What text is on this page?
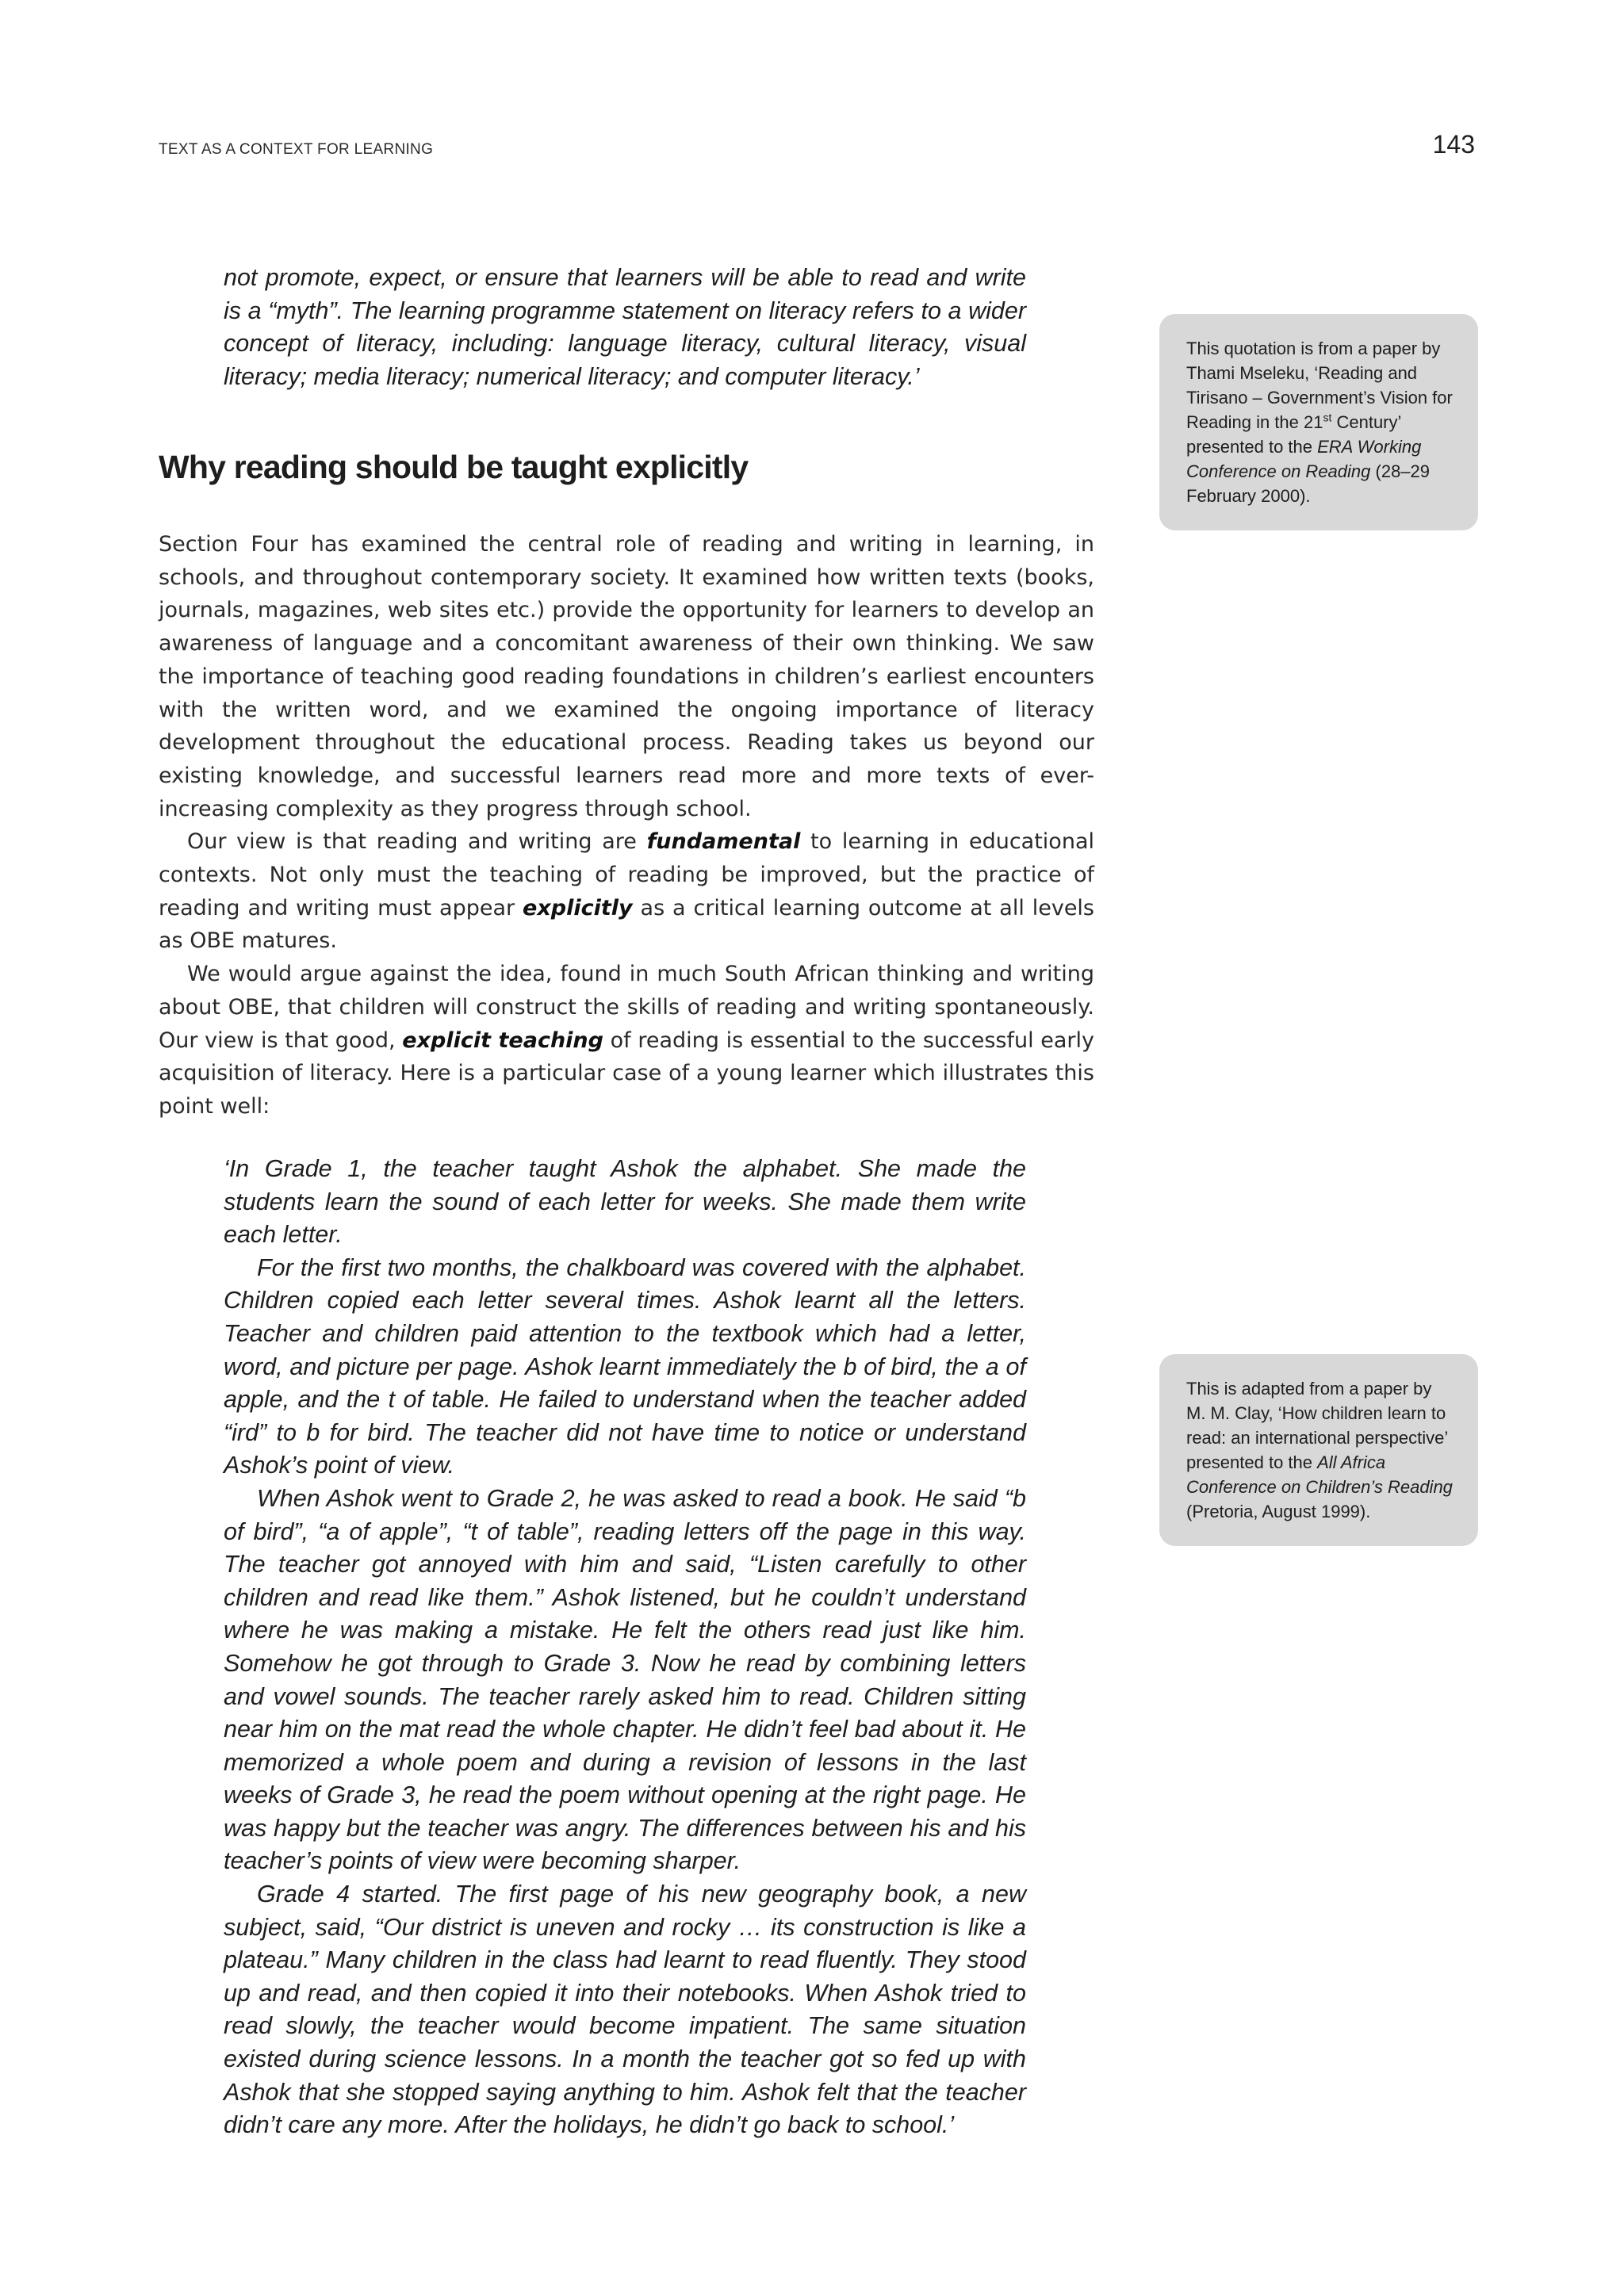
TEXT AS A CONTEXT FOR LEARNING	143

not promote, expect, or ensure that learners will be able to read and write is a “myth”. The learning programme statement on literacy refers to a wider concept of literacy, including: language literacy, cultural literacy, visual literacy; media literacy; numerical literacy; and computer literacy.’

Why reading should be taught explicitly

Section Four has examined the central role of reading and writing in learning, in schools, and throughout contemporary society. It examined how written texts (books, journals, magazines, web sites etc.) provide the opportunity for learners to develop an awareness of language and a concomitant awareness of their own thinking. We saw the importance of teaching good reading foundations in children’s earliest encounters with the written word, and we examined the ongoing importance of literacy development throughout the educational process. Reading takes us beyond our existing knowledge, and successful learners read more and more texts of ever-increasing complexity as they progress through school.

Our view is that reading and writing are fundamental to learning in educational contexts. Not only must the teaching of reading be improved, but the practice of reading and writing must appear explicitly as a critical learning outcome at all levels as OBE matures.

We would argue against the idea, found in much South African thinking and writing about OBE, that children will construct the skills of reading and writing spontaneously. Our view is that good, explicit teaching of reading is essential to the successful early acquisition of literacy. Here is a particular case of a young learner which illustrates this point well:

‘In Grade 1, the teacher taught Ashok the alphabet. She made the students learn the sound of each letter for weeks. She made them write each letter.

For the first two months, the chalkboard was covered with the alphabet. Children copied each letter several times. Ashok learnt all the letters. Teacher and children paid attention to the textbook which had a letter, word, and picture per page. Ashok learnt immediately the b of bird, the a of apple, and the t of table. He failed to understand when the teacher added “ird” to b for bird. The teacher did not have time to notice or understand Ashok’s point of view.

When Ashok went to Grade 2, he was asked to read a book. He said “b of bird”, “a of apple”, “t of table”, reading letters off the page in this way. The teacher got annoyed with him and said, “Listen carefully to other children and read like them.” Ashok listened, but he couldn’t understand where he was making a mistake. He felt the others read just like him. Somehow he got through to Grade 3. Now he read by combining letters and vowel sounds. The teacher rarely asked him to read. Children sitting near him on the mat read the whole chapter. He didn’t feel bad about it. He memorized a whole poem and during a revision of lessons in the last weeks of Grade 3, he read the poem without opening at the right page. He was happy but the teacher was angry. The differences between his and his teacher’s points of view were becoming sharper.

Grade 4 started. The first page of his new geography book, a new subject, said, “Our district is uneven and rocky … its construction is like a plateau.” Many children in the class had learnt to read fluently. They stood up and read, and then copied it into their notebooks. When Ashok tried to read slowly, the teacher would become impatient. The same situation existed during science lessons. In a month the teacher got so fed up with Ashok that she stopped saying anything to him. Ashok felt that the teacher didn’t care any more. After the holidays, he didn’t go back to school.’

This quotation is from a paper by Thami Mseleku, ‘Reading and Tirisano – Government’s Vision for Reading in the 21st Century’ presented to the ERA Working Conference on Reading (28–29 February 2000).
This is adapted from a paper by M. M. Clay, ‘How children learn to read: an international perspective’ presented to the All Africa Conference on Children’s Reading (Pretoria, August 1999).
